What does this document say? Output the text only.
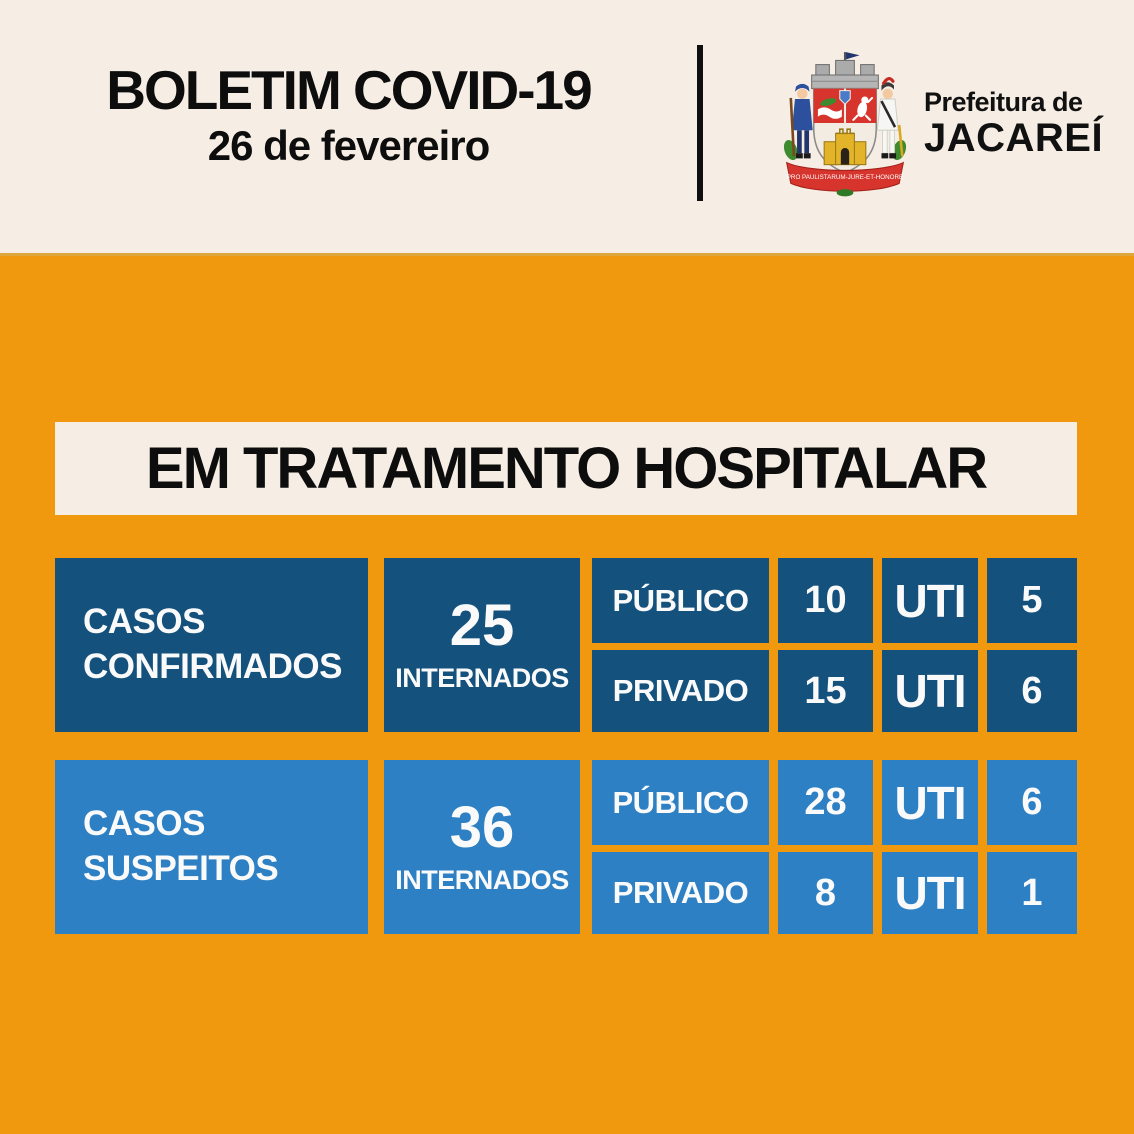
BOLETIM COVID-19
26 de fevereiro
PRO PAULISTARUM-JURE-ET-HONORE
Prefeitura de
JACAREÍ
EM TRATAMENTO HOSPITALAR
CASOS
CONFIRMADOS
25
INTERNADOS
PÚBLICO	10	UTI	5
PRIVADO	15	UTI	6
CASOS
SUSPEITOS
36
INTERNADOS
PÚBLICO	28	UTI	6
PRIVADO	8	UTI	1
